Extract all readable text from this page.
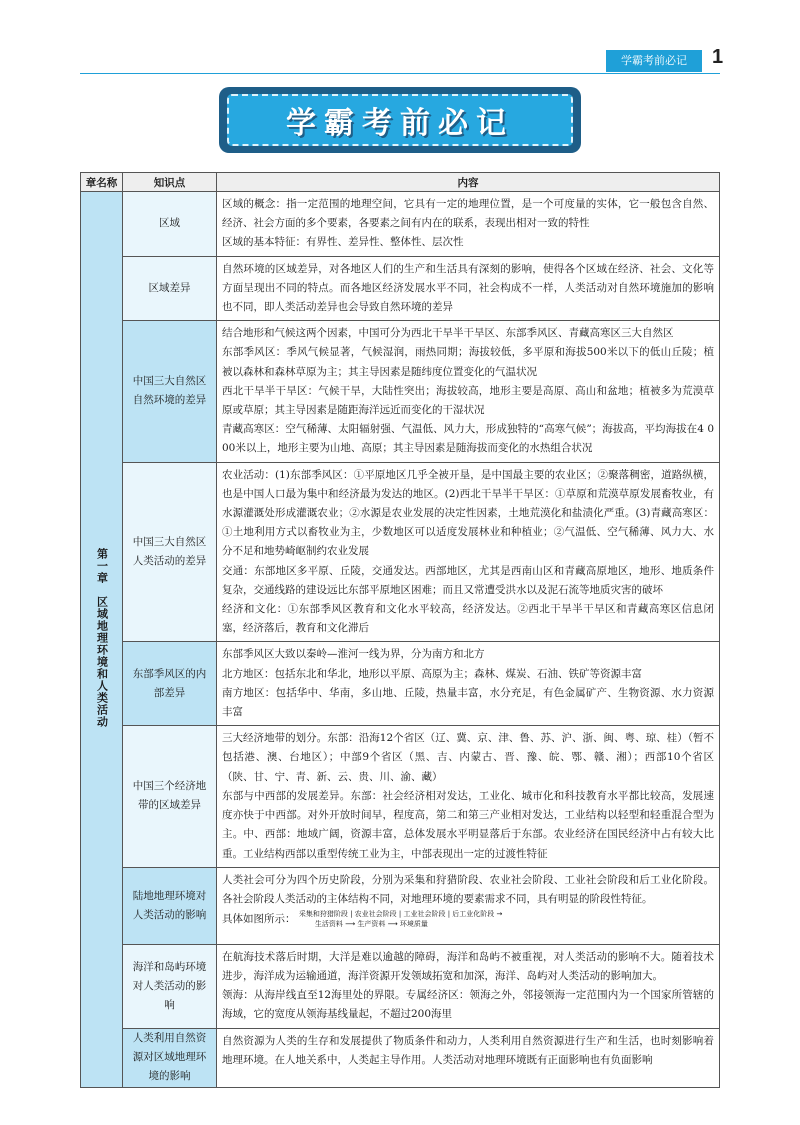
学霸考前必记	1
学霸考前必记
章名称	知识点	内容
第一章　区域地理环境和人类活动	区域	区域的概念：指一定范围的地理空间，它具有一定的地理位置，是一个可度量的实体，它一般包含自然、经济、社会方面的多个要素，各要素之间有内在的联系，表现出相对一致的特性

区域的基本特征：有界性、差异性、整体性、层次性

	区域差异	自然环境的区域差异，对各地区人们的生产和生活具有深刻的影响，使得各个区域在经济、社会、文化等方面呈现出不同的特点。而各地区经济发展水平不同，社会构成不一样，人类活动对自然环境施加的影响也不同，即人类活动差异也会导致自然环境的差异

	中国三大自然区自然环境的差异	结合地形和气候这两个因素，中国可分为西北干旱半干旱区、东部季风区、青藏高寒区三大自然区

东部季风区：季风气候显著，气候湿润，雨热同期；海拔较低，多平原和海拔500米以下的低山丘陵；植被以森林和森林草原为主；其主导因素是随纬度位置变化的气温状况

西北干旱半干旱区：气候干旱，大陆性突出；海拔较高，地形主要是高原、高山和盆地；植被多为荒漠草原或草原；其主导因素是随距海洋远近而变化的干湿状况

青藏高寒区：空气稀薄、太阳辐射强、气温低、风力大，形成独特的“高寒气候”；海拔高，平均海拔在4 000米以上，地形主要为山地、高原；其主导因素是随海拔而变化的水热组合状况

	中国三大自然区人类活动的差异	农业活动：(1)东部季风区：①平原地区几乎全被开垦，是中国最主要的农业区；②聚落稠密，道路纵横，也是中国人口最为集中和经济最为发达的地区。(2)西北干旱半干旱区：①草原和荒漠草原发展畜牧业，有水源灌溉处形成灌溉农业；②水源是农业发展的决定性因素，土地荒漠化和盐渍化严重。(3)青藏高寒区：①土地利用方式以畜牧业为主，少数地区可以适度发展林业和种植业；②气温低、空气稀薄、风力大、水分不足和地势崎岖制约农业发展

交通：东部地区多平原、丘陵，交通发达。西部地区，尤其是西南山区和青藏高原地区，地形、地质条件复杂，交通线路的建设远比东部平原地区困难；而且又常遭受洪水以及泥石流等地质灾害的破坏

经济和文化：①东部季风区教育和文化水平较高，经济发达。②西北干旱半干旱区和青藏高寒区信息闭塞，经济落后，教育和文化滞后

	东部季风区的内部差异	东部季风区大致以秦岭—淮河一线为界，分为南方和北方

北方地区：包括东北和华北，地形以平原、高原为主；森林、煤炭、石油、铁矿等资源丰富

南方地区：包括华中、华南，多山地、丘陵，热量丰富，水分充足，有色金属矿产、生物资源、水力资源丰富

	中国三个经济地带的区域差异	三大经济地带的划分。东部：沿海12个省区（辽、冀、京、津、鲁、苏、沪、浙、闽、粤、琼、桂）（暂不包括港、澳、台地区）；中部9个省区（黑、吉、内蒙古、晋、豫、皖、鄂、赣、湘）；西部10个省区（陕、甘、宁、青、新、云、贵、川、渝、藏）

东部与中西部的发展差异。东部：社会经济相对发达，工业化、城市化和科技教育水平都比较高，发展速度亦快于中西部。对外开放时间早，程度高，第二和第三产业相对发达，工业结构以轻型和轻重混合型为主。中、西部：地域广阔，资源丰富，总体发展水平明显落后于东部。农业经济在国民经济中占有较大比重。工业结构西部以重型传统工业为主，中部表现出一定的过渡性特征

	陆地地理环境对人类活动的影响	人类社会可分为四个历史阶段，分别为采集和狩猎阶段、农业社会阶段、工业社会阶段和后工业化阶段。各社会阶段人类活动的主体结构不同，对地理环境的要素需求不同，具有明显的阶段性特征。

具体如图所示： 采集和狩猎阶段 | 农业社会阶段 | 工业社会阶段 | 后工业化阶段 →
生活资料 ⟶ 生产资料 ⟶ 环境质量

	海洋和岛屿环境对人类活动的影响	在航海技术落后时期，大洋是难以逾越的障碍，海洋和岛屿不被重视，对人类活动的影响不大。随着技术进步，海洋成为运输通道，海洋资源开发领域拓宽和加深，海洋、岛屿对人类活动的影响加大。

领海：从海岸线直至12海里处的界限。专属经济区：领海之外，邻接领海一定范围内为一个国家所管辖的海域，它的宽度从领海基线量起，不超过200海里

	人类利用自然资源对区域地理环境的影响	自然资源为人类的生存和发展提供了物质条件和动力，人类利用自然资源进行生产和生活，也时刻影响着地理环境。在人地关系中，人类起主导作用。人类活动对地理环境既有正面影响也有负面影响
